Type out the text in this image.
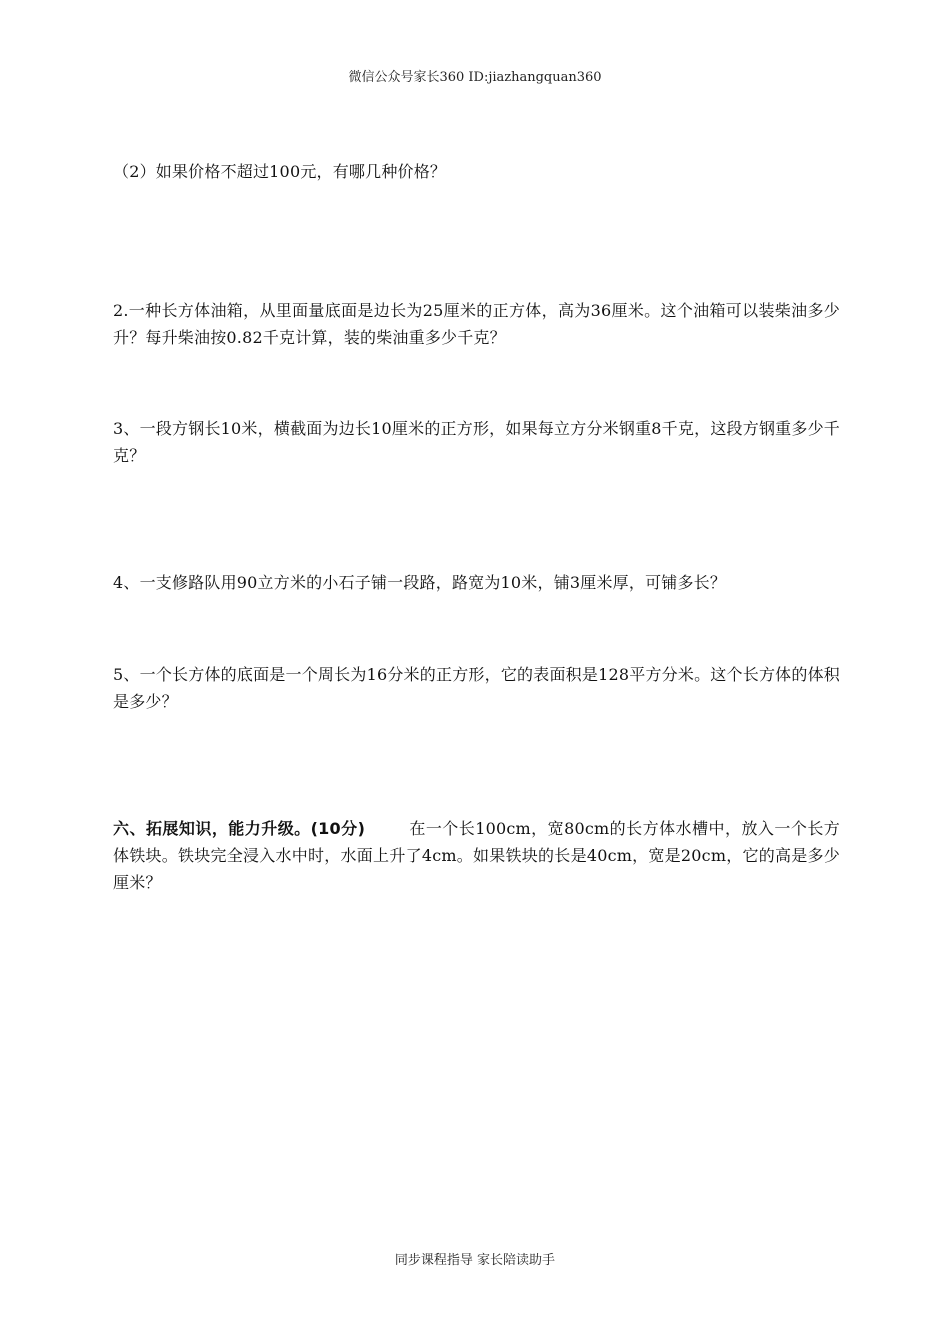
微信公众号家长360 ID:jiazhangquan360
（2）如果价格不超过100元，有哪几种价格？
2.一种长方体油箱，从里面量底面是边长为25厘米的正方体，高为36厘米。这个油箱可以装柴油多少升？每升柴油按0.82千克计算，装的柴油重多少千克？
3、一段方钢长10米，横截面为边长10厘米的正方形，如果每立方分米钢重8千克，这段方钢重多少千克？
4、一支修路队用90立方米的小石子铺一段路，路宽为10米，铺3厘米厚，可铺多长？
5、一个长方体的底面是一个周长为16分米的正方形，它的表面积是128平方分米。这个长方体的体积是多少？
六、拓展知识，能力升级。(10分)	在一个长100cm，宽80cm的长方体水槽中，放入一个长方体铁块。铁块完全浸入水中时，水面上升了4cm。如果铁块的长是40cm，宽是20cm，它的高是多少厘米？
同步课程指导 家长陪读助手
